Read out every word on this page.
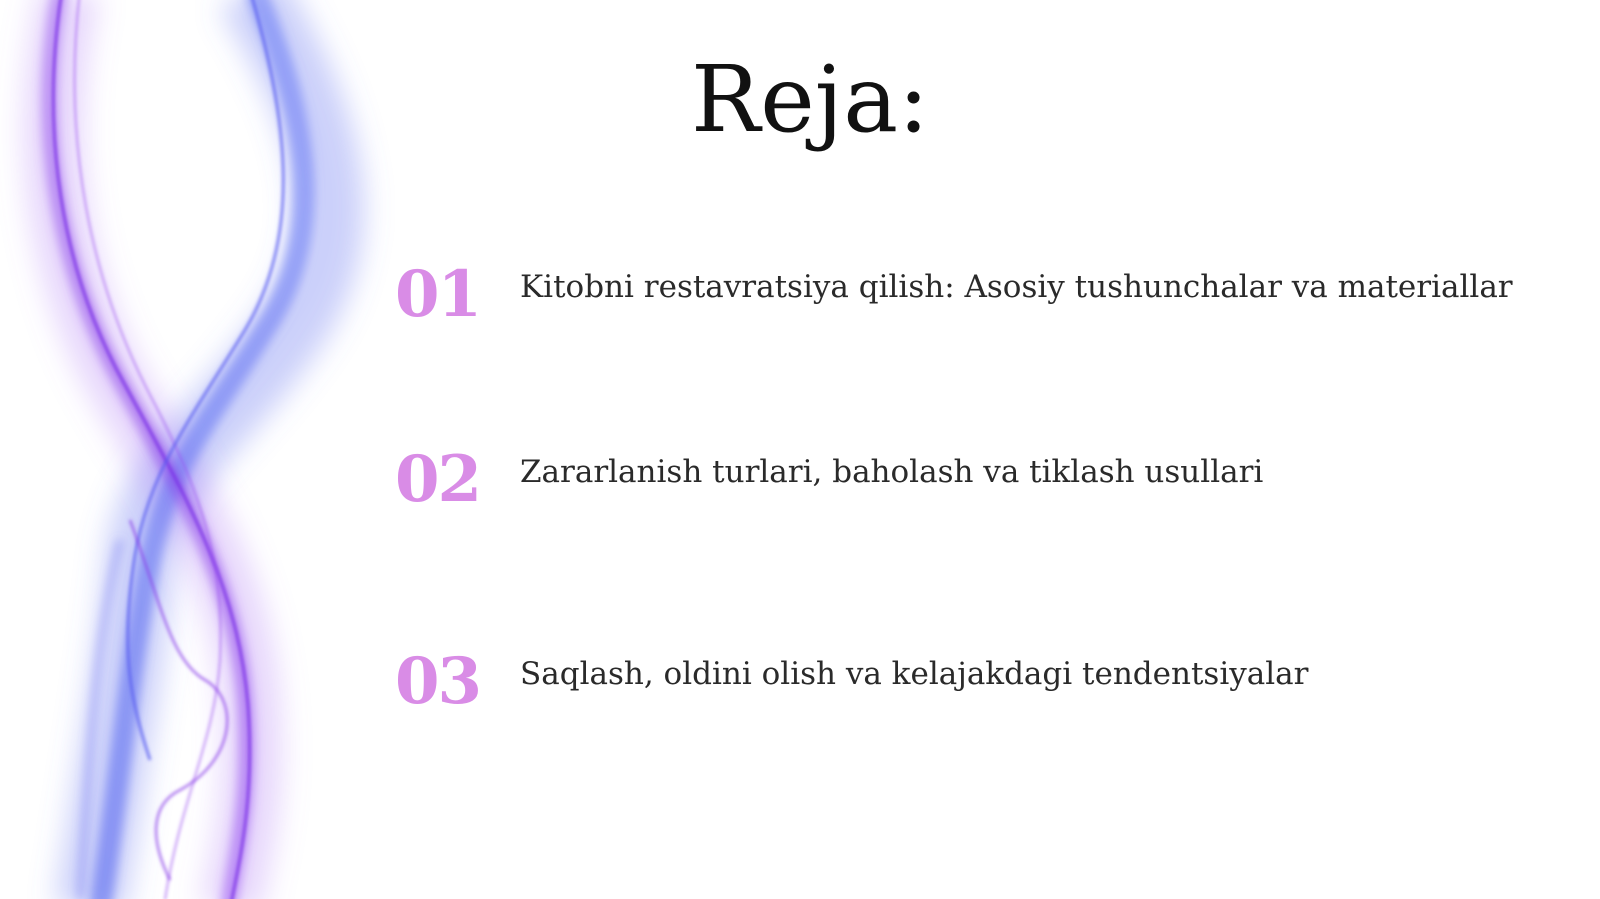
Reja:
01 Kitobni restavratsiya qilish: Asosiy tushunchalar va materiallar
02 Zararlanish turlari, baholash va tiklash usullari
03 Saqlash, oldini olish va kelajakdagi tendentsiyalar
